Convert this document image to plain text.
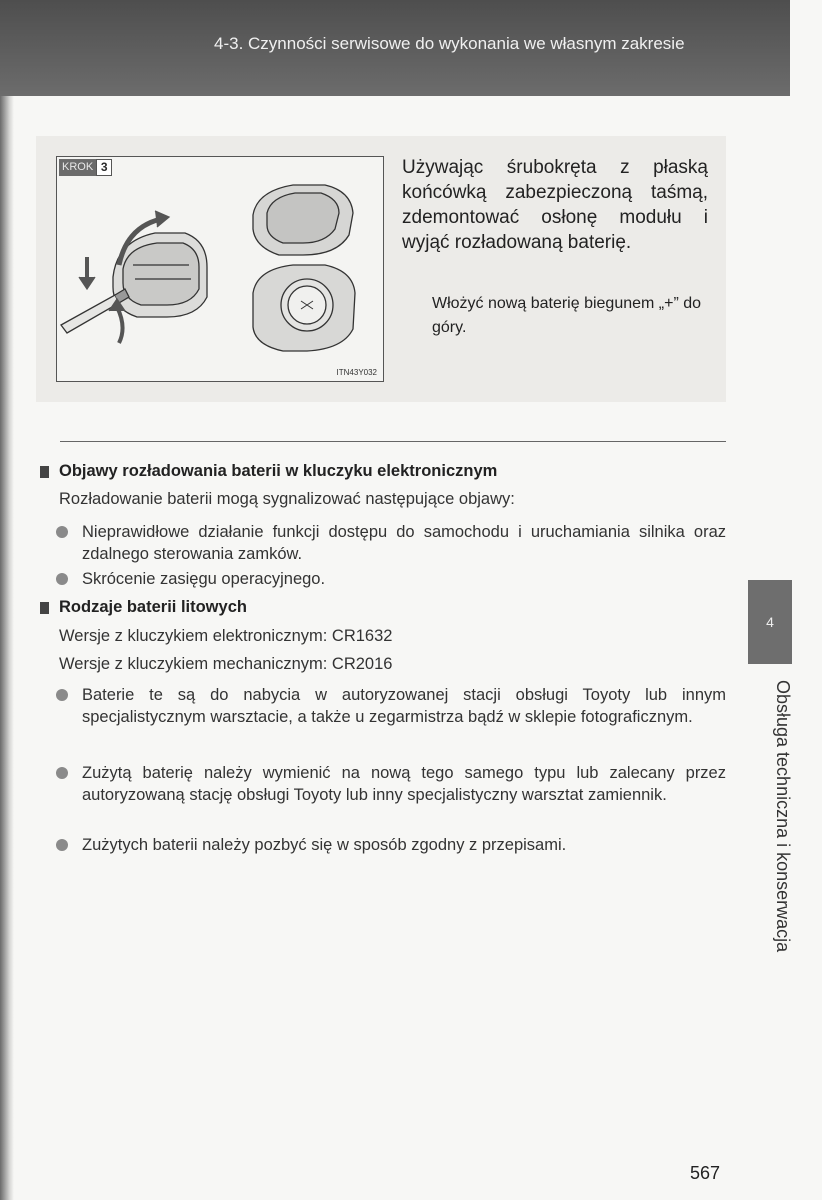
4-3. Czynności serwisowe do wykonania we własnym zakresie
KROK 3
ITN43Y032
Używając śrubokręta z płaską końcówką zabezpieczoną taśmą, zdemontować osłonę modułu i wyjąć rozładowaną baterię.
Włożyć nową baterię biegunem „+” do góry.
Objawy rozładowania baterii w kluczyku elektronicznym
Rozładowanie baterii mogą sygnalizować następujące objawy:
Nieprawidłowe działanie funkcji dostępu do samochodu i uruchamiania silnika oraz zdalnego sterowania zamków.
Skrócenie zasięgu operacyjnego.
Rodzaje baterii litowych
Wersje z kluczykiem elektronicznym: CR1632
Wersje z kluczykiem mechanicznym: CR2016
Baterie te są do nabycia w autoryzowanej stacji obsługi Toyoty lub innym specjalistycznym warsztacie, a także u zegarmistrza bądź w sklepie fotograficznym.
Zużytą baterię należy wymienić na nową tego samego typu lub zalecany przez autoryzowaną stację obsługi Toyoty lub inny specjalistyczny warsztat zamiennik.
Zużytych baterii należy pozbyć się w sposób zgodny z przepisami.
4
Obsługa techniczna i konserwacja
567
